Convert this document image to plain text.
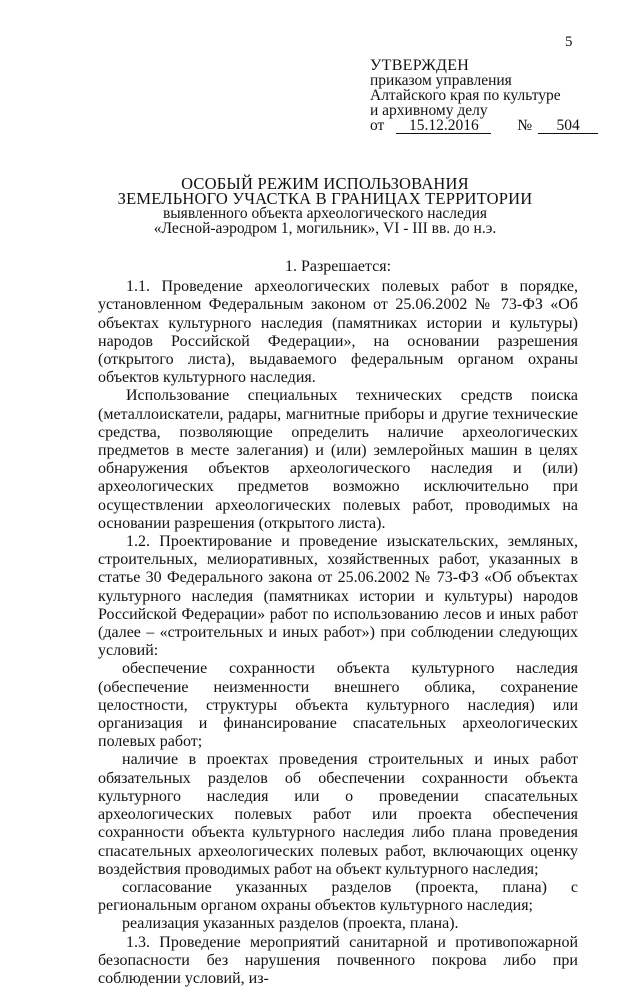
5
УТВЕРЖДЕН
приказом управления
Алтайского края по культуре
и архивному делу
от	15.12.2016	№	504
ОСОБЫЙ РЕЖИМ ИСПОЛЬЗОВАНИЯ
ЗЕМЕЛЬНОГО УЧАСТКА В ГРАНИЦАХ ТЕРРИТОРИИ
выявленного объекта археологического наследия
«Лесной-аэродром 1, могильник», VI - III вв. до н.э.
1. Разрешается:

1.1. Проведение археологических полевых работ в порядке, установленном Федеральным законом от 25.06.2002 № 73-ФЗ «Об объектах культурного наследия (памятниках истории и культуры) народов Российской Федерации», на основании разрешения (открытого листа), выдаваемого федеральным органом охраны объектов культурного наследия.

Использование специальных технических средств поиска (металлоискатели, радары, магнитные приборы и другие технические средства, позволяющие определить наличие археологических предметов в месте залегания) и (или) землеройных машин в целях обнаружения объектов археологического наследия и (или) археологических предметов возможно исключительно при осуществлении археологических полевых работ, проводимых на основании разрешения (открытого листа).

1.2. Проектирование и проведение изыскательских, земляных, строительных, мелиоративных, хозяйственных работ, указанных в статье 30 Федерального закона от 25.06.2002 № 73-ФЗ «Об объектах культурного наследия (памятниках истории и культуры) народов Российской Федерации» работ по использованию лесов и иных работ (далее – «строительных и иных работ») при соблюдении следующих условий:

обеспечение сохранности объекта культурного наследия (обеспечение неизменности внешнего облика, сохранение целостности, структуры объекта культурного наследия) или организация и финансирование спасательных археологических полевых работ;

наличие в проектах проведения строительных и иных работ обязательных разделов об обеспечении сохранности объекта культурного наследия или о проведении спасательных археологических полевых работ или проекта обеспечения сохранности объекта культурного наследия либо плана проведения спасательных археологических полевых работ, включающих оценку воздействия проводимых работ на объект культурного наследия;

согласование указанных разделов (проекта, плана) с региональным органом охраны объектов культурного наследия;

реализация указанных разделов (проекта, плана).

1.3. Проведение мероприятий санитарной и противопожарной безопасности без нарушения почвенного покрова либо при соблюдении условий, из-
